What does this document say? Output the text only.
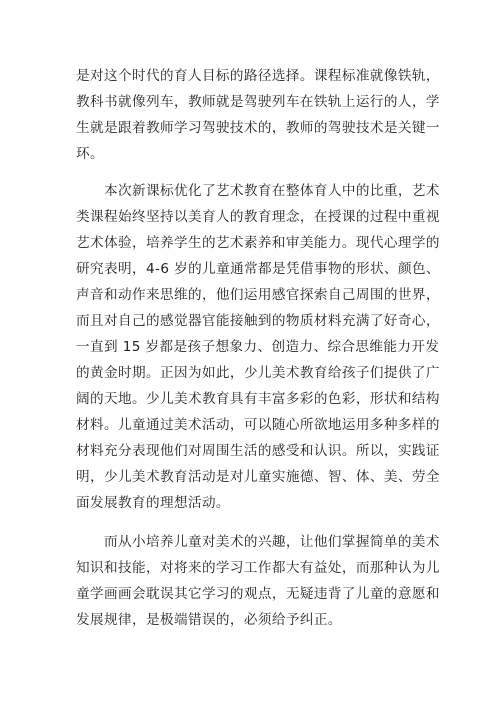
是对这个时代的育人目标的路径选择。课程标准就像铁轨，
教科书就像列车，教师就是驾驶列车在铁轨上运行的人，学
生就是跟着教师学习驾驶技术的，教师的驾驶技术是关键一
环。
　　本次新课标优化了艺术教育在整体育人中的比重，艺术
类课程始终坚持以美育人的教育理念，在授课的过程中重视
艺术体验，培养学生的艺术素养和审美能力。现代心理学的
研究表明，4-6 岁的儿童通常都是凭借事物的形状、颜色、
声音和动作来思维的，他们运用感官探索自己周围的世界，
而且对自己的感觉器官能接触到的物质材料充满了好奇心，
一直到 15 岁都是孩子想象力、创造力、综合思维能力开发
的黄金时期。正因为如此，少儿美术教育给孩子们提供了广
阔的天地。少儿美术教育具有丰富多彩的色彩，形状和结构
材料。儿童通过美术活动，可以随心所欲地运用多种多样的
材料充分表现他们对周围生活的感受和认识。所以，实践证
明，少儿美术教育活动是对儿童实施德、智、体、美、劳全
面发展教育的理想活动。
　　而从小培养儿童对美术的兴趣，让他们掌握简单的美术
知识和技能，对将来的学习工作都大有益处，而那种认为儿
童学画画会耽误其它学习的观点，无疑违背了儿童的意愿和
发展规律，是极端错误的，必须给予纠正。
